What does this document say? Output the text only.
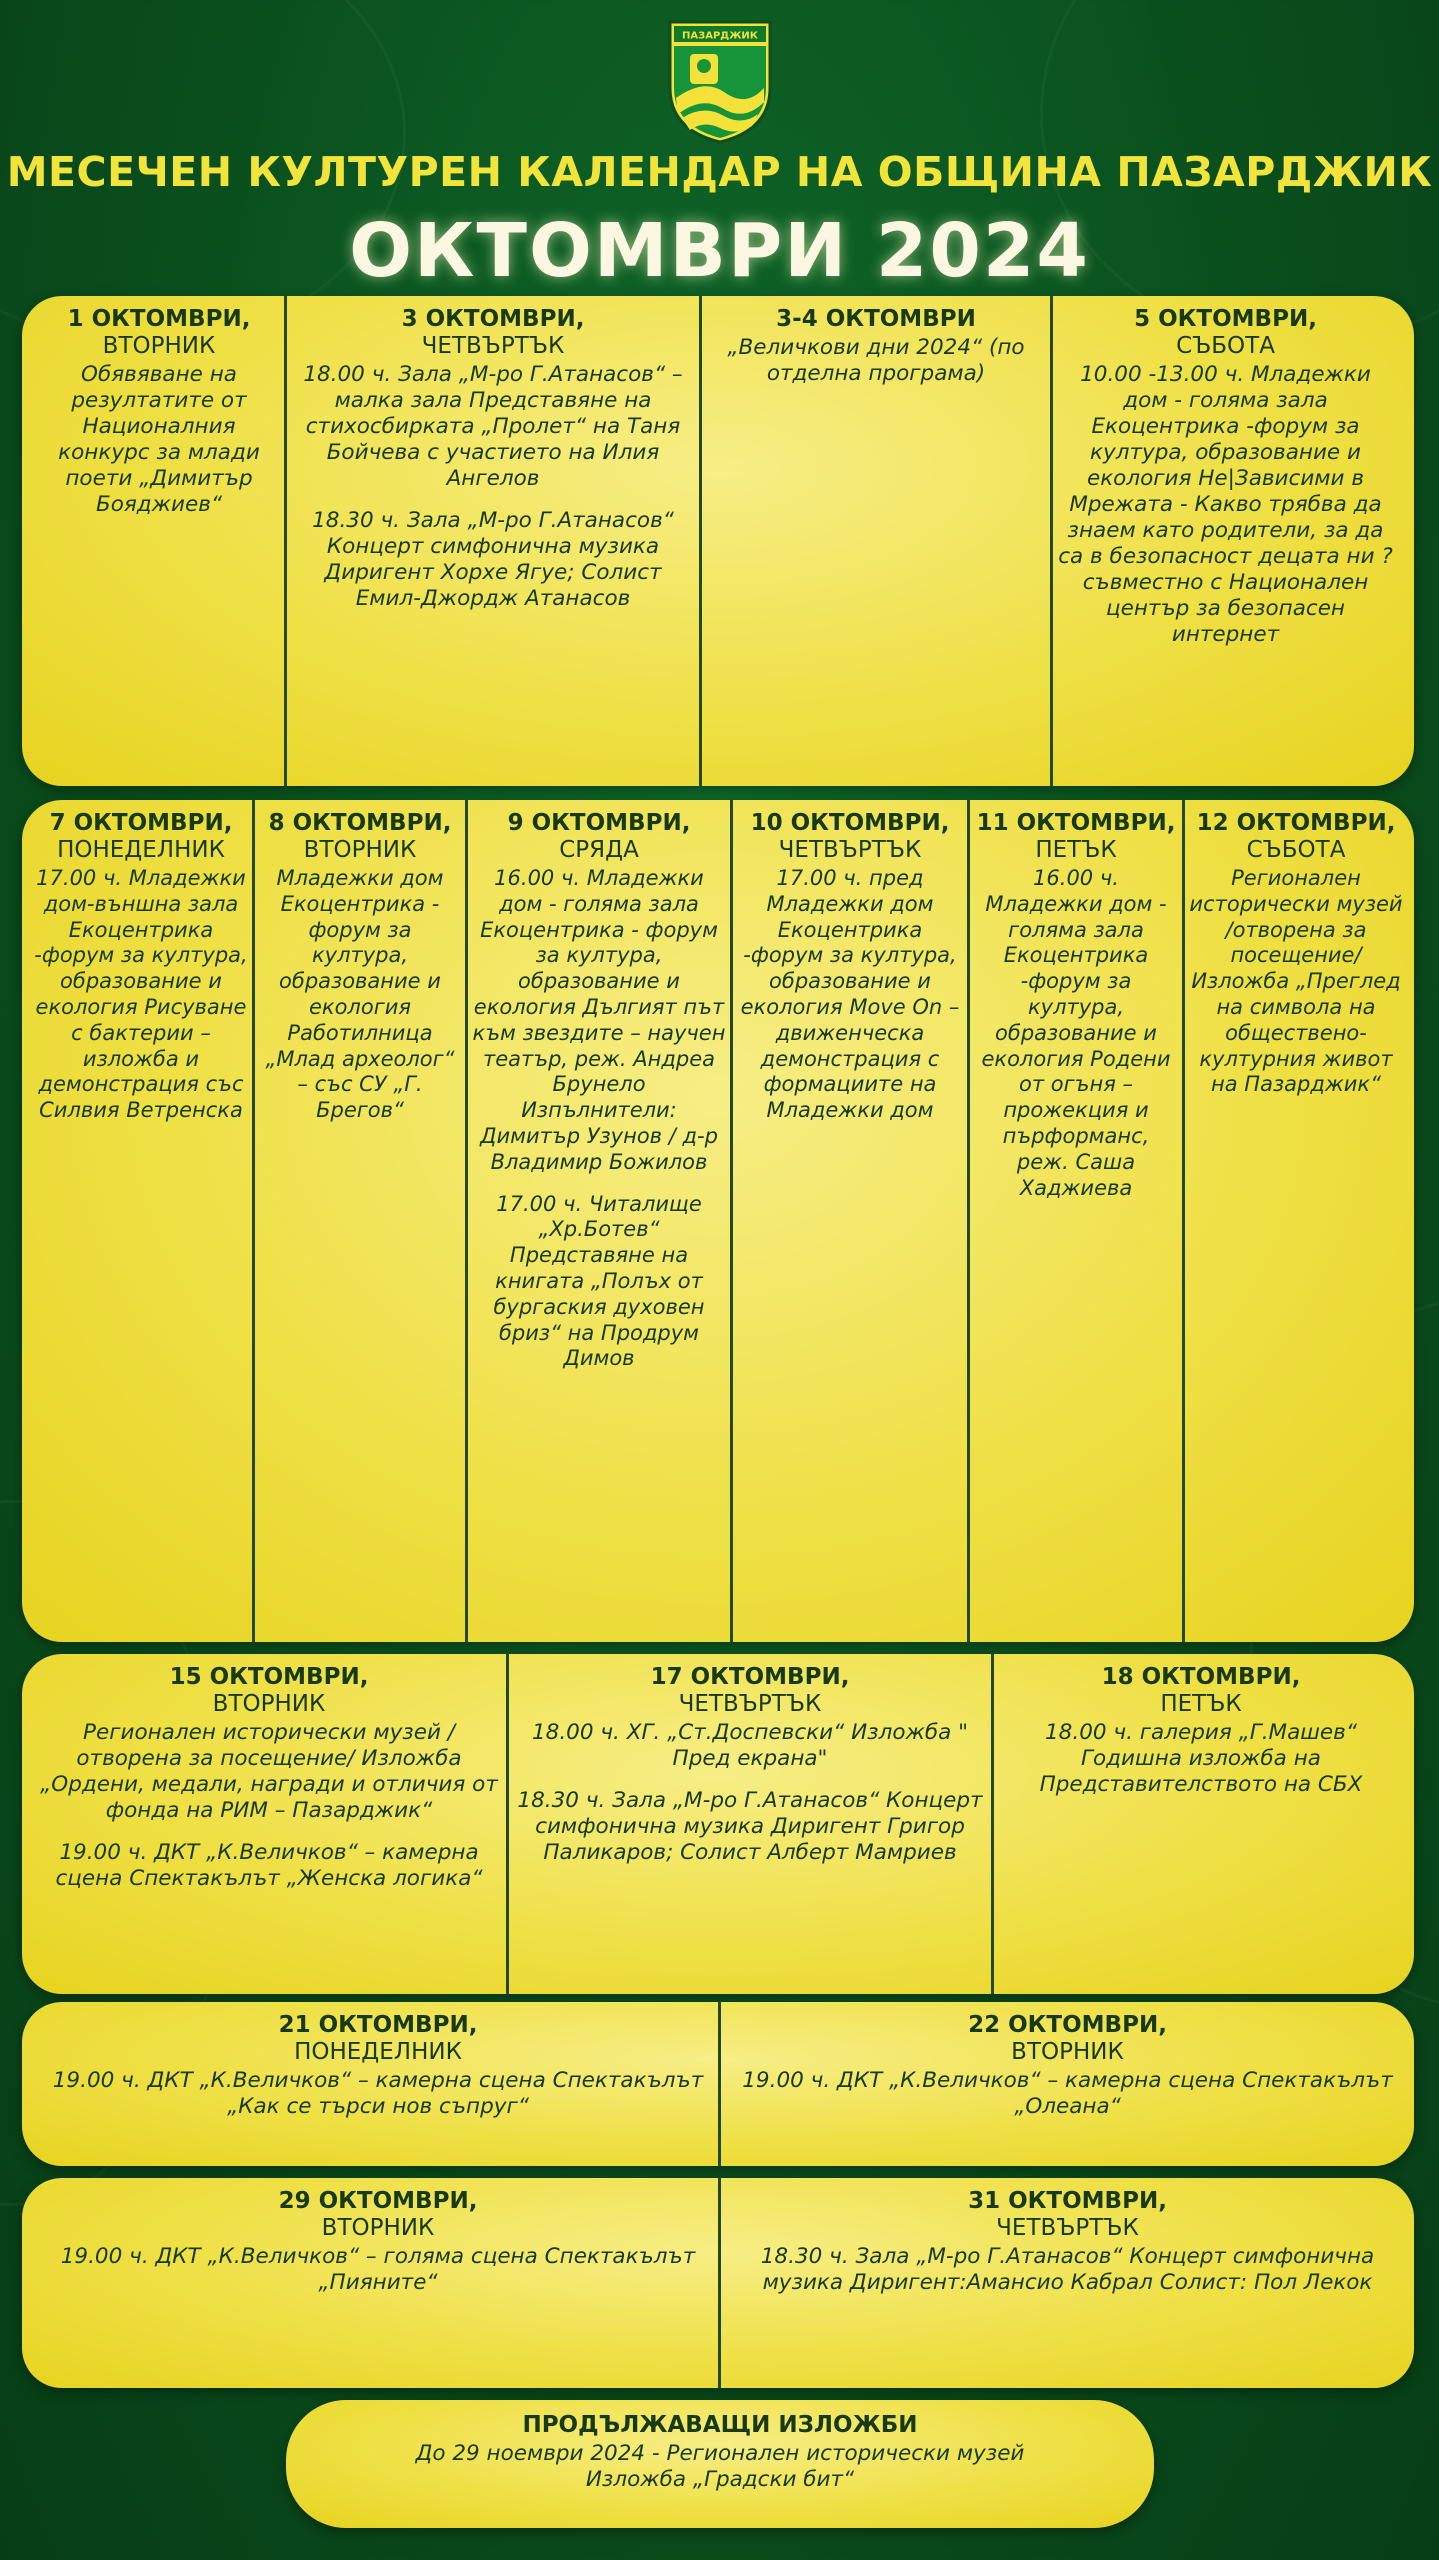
ПАЗАРДЖИК
МЕСЕЧЕН КУЛТУРЕН КАЛЕНДАР НА ОБЩИНА ПАЗАРДЖИК
ОКТОМВРИ 2024
1 ОКТОМВРИ,
ВТОРНИК
Обявяване на резултатите от Националния конкурс за млади поети „Димитър Бояджиев“
3 ОКТОМВРИ,
ЧЕТВЪРТЪК
18.00 ч. Зала „М-ро Г.Атанасов“ – малка зала Представяне на стихосбирката „Пролет“ на Таня Бойчева с участието на Илия Ангелов
18.30 ч. Зала „М-ро Г.Атанасов“ Концерт симфонична музика Диригент Хорхе Ягуе; Солист Емил-Джордж Атанасов
3-4 ОКТОМВРИ
„Величкови дни 2024“ (по отделна програма)
5 ОКТОМВРИ,
СЪБОТА
10.00 -13.00 ч. Младежки дом - голяма зала Екоцентрика -форум за култура, образование и екология Не|Зависими в Мрежата - Какво трябва да знаем като родители, за да са в безопасност децата ни ? съвместно с Национален център за безопасен интернет
7 ОКТОМВРИ,
ПОНЕДЕЛНИК
17.00 ч. Младежки дом-външна зала Екоцентрика -форум за култура, образование и екология Рисуване с бактерии – изложба и демонстрация със Силвия Ветренска
8 ОКТОМВРИ,
ВТОРНИК
Младежки дом Екоцентрика - форум за култура, образование и екология Работилница „Млад археолог“ – със СУ „Г. Брегов“
9 ОКТОМВРИ,
СРЯДА
16.00 ч. Младежки дом - голяма зала Екоцентрика - форум за култура, образование и екология Дългият път към звездите – научен театър, реж. Андреа Брунело Изпълнители: Димитър Узунов / д-р Владимир Божилов
17.00 ч. Читалище „Хр.Ботев“ Представяне на книгата „Полъх от бургаския духовен бриз“ на Продрум Димов
10 ОКТОМВРИ,
ЧЕТВЪРТЪК
17.00 ч. пред Младежки дом Екоцентрика -форум за култура, образование и екология Move On – движенческа демонстрация с формациите на Младежки дом
11 ОКТОМВРИ,
ПЕТЪК
16.00 ч. Младежки дом - голяма зала Екоцентрика -форум за култура, образование и екология Родени от огъня – прожекция и пърформанс, реж. Саша Хаджиева
12 ОКТОМВРИ,
СЪБОТА
Регионален исторически музей /отворена за посещение/ Изложба „Преглед на символа на обществено-културния живот на Пазарджик“
15 ОКТОМВРИ,
ВТОРНИК
Регионален исторически музей /отворена за посещение/ Изложба „Ордени, медали, награди и отличия от фонда на РИМ – Пазарджик“
19.00 ч. ДКТ „К.Величков“ – камерна сцена Спектакълът „Женска логика“
17 ОКТОМВРИ,
ЧЕТВЪРТЪК
18.00 ч. ХГ. „Ст.Доспевски“ Изложба " Пред екрана"
18.30 ч. Зала „М-ро Г.Атанасов“ Концерт симфонична музика Диригент Григор Паликаров; Солист Алберт Мамриев
18 ОКТОМВРИ,
ПЕТЪК
18.00 ч. галерия „Г.Машев“ Годишна изложба на Представителството на СБХ
21 ОКТОМВРИ,
ПОНЕДЕЛНИК
19.00 ч. ДКТ „К.Величков“ – камерна сцена Спектакълът „Как се търси нов съпруг“
22 ОКТОМВРИ,
ВТОРНИК
19.00 ч. ДКТ „К.Величков“ – камерна сцена Спектакълът „Олеана“
29 ОКТОМВРИ,
ВТОРНИК
19.00 ч. ДКТ „К.Величков“ – голяма сцена Спектакълът „Пияните“
31 ОКТОМВРИ,
ЧЕТВЪРТЪК
18.30 ч. Зала „М-ро Г.Атанасов“ Концерт симфонична музика Диригент:Амансио Кабрал Солист: Пол Лекок
ПРОДЪЛЖАВАЩИ ИЗЛОЖБИ
До 29 ноември 2024 - Регионален исторически музей Изложба „Градски бит“
